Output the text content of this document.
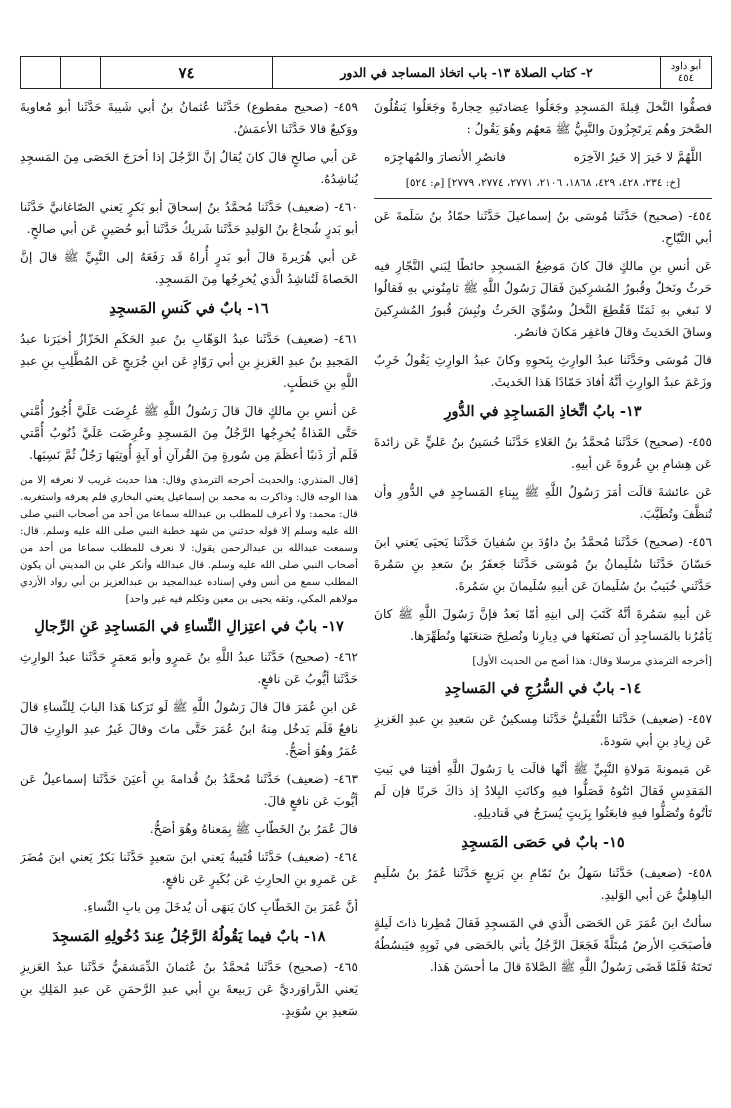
٧٤	٢- كتاب الصلاة ١٣- باب اتخاذ المساجد في الدور	أبو داود
٤٥٤

فصفُّوا النَّخلَ قِبلةَ المَسجِدِ وجَعَلُوا عِضادتَيهِ حِجارةً وجَعَلُوا يَنقُلُونَ الصَّخرَ وهُم يَرتَجِزُونَ والنَّبِيُّ ﷺ مَعهُم وهُوَ يَقُولُ :

اللَّهُمَّ لا خَيرَ إلا خَيرُ الآخِرَه
فانصُرِ الأنصارَ والمُهاجِرَه

[خ: ٢٣٤، ٤٢٨، ٤٢٩، ١٨٦٨، ٢١٠٦، ٢٧٧١، ٢٧٧٤، ٢٧٧٩] [م: ٥٢٤]

٤٥٤- (صحيح) حَدَّثَنا مُوسَى بنُ إسماعيلَ حَدَّثَنا حمّادُ بنُ سَلَمةَ عَن أبي التَّيّاحِ.

عَن أنسِ بنِ مالكٍ قالَ كانَ مَوضِعُ المَسجِدِ حائطًا لِبَني النَّجّارِ فيه حَرثٌ ونَخلٌ وقُبورُ المُشرِكينَ فَقالَ رَسُولُ اللَّهِ ﷺ ثامِنُوني بهِ فَقالُوا لا نَبغي بهِ ثَمَنًا فَقُطِعَ النَّخلُ وسُوِّيَ الحَرثُ ونُبِشَ قُبورُ المُشرِكينَ وساقَ الحَديثَ وقالَ فاغفِر مَكانَ فانصُر.

قالَ مُوسَى وحَدَّثَنا عبدُ الوارِثِ بِنَحوِهِ وكانَ عبدُ الوارِثِ يَقُولُ خَرِبٌ وزَعَمَ عبدُ الوارِثِ أنَّهُ أفادَ حَمّادًا هَذا الحَديثَ.

١٣- بابُ اتِّخاذِ المَساجِدِ في الدُّورِ

٤٥٥- (صحيح) حَدَّثَنا مُحمَّدُ بنُ العَلاءِ حَدَّثَنا حُسَينُ بنُ عَليٍّ عَن زائدةَ عَن هِشامِ بنِ عُروةَ عَن أبيهِ.

عَن عائشةَ قالَت أمَرَ رَسُولُ اللَّهِ ﷺ بِبِناءِ المَساجِدِ في الدُّورِ وأن تُنظَّفَ وتُطَيَّبَ.

٤٥٦- (صحيح) حَدَّثَنا مُحمَّدُ بنُ داوُدَ بنِ سُفيانَ حَدَّثَنا يَحيَى يَعني ابنَ حَسّانَ حَدَّثَنا سُلَيمانُ بنُ مُوسَى حَدَّثَنا جَعفَرُ بنُ سَعدِ بنِ سَمُرةَ حَدَّثَني خُبَيبُ بنُ سُلَيمانَ عَن أبيهِ سُلَيمانَ بنِ سَمُرةَ.

عَن أبيهِ سَمُرةَ أنَّهُ كَتَبَ إلى ابنِهِ أمّا بَعدُ فإنَّ رَسُولَ اللَّهِ ﷺ كانَ يَأمُرُنا بالمَساجِدِ أن نَصنَعَها في دِيارِنا ونُصلِحَ صَنعَتَها ونُطَهِّرَها.

[أخرجه الترمذي مرسلا وقال: هذا أصح من الحديث الأول]

١٤- بابٌ في السُّرُجِ في المَساجِدِ

٤٥٧- (ضعيف) حَدَّثَنا النُّفَيليُّ حَدَّثَنا مِسكينٌ عَن سَعيدِ بنِ عبدِ العَزيزِ عَن زِيادِ بنِ أبي سَودةَ.

عَن مَيمونةَ مَولاةِ النَّبِيِّ ﷺ أنَّها قالَت يا رَسُولَ اللَّهِ أفتِنا في بَيتِ المَقدِسِ فَقالَ ائتُوهُ فَصَلُّوا فيهِ وكانَتِ البِلادُ إذ ذاكَ حَربًا فإن لَم تَأتُوهُ وتُصَلُّوا فيهِ فابعَثُوا بِزَيتٍ يُسرَجُ في قَناديلِهِ.

١٥- بابٌ في حَصَى المَسجِدِ

٤٥٨- (ضعيف) حَدَّثَنا سَهلُ بنُ تَمّامِ بنِ بَزيعٍ حَدَّثَنا عُمَرُ بنُ سُلَيمٍ الباهِليُّ عَن أبي الوَليدِ.

سألتُ ابنَ عُمَرَ عَن الحَصَى الَّذي في المَسجِدِ فَقالَ مُطِرنا ذاتَ لَيلةٍ فأصبَحَتِ الأرضُ مُبتَلَّةً فَجَعَلَ الرَّجُلُ يأتي بالحَصَى في ثَوبِهِ فيَبسُطُهُ تَحتَهُ فَلَمّا قَضَى رَسُولُ اللَّهِ ﷺ الصَّلاةَ قالَ ما أحسَنَ هَذا.

٤٥٩- (صحيح مقطوع) حَدَّثَنا عُثمانُ بنُ أبي شَيبةَ حَدَّثَنا أبو مُعاويةَ ووَكيعٌ قالا حَدَّثَنا الأعمَشُ.

عَن أبي صالحٍ قالَ كانَ يُقالُ إنَّ الرَّجُلَ إذا أخرَجَ الحَصَى مِنَ المَسجِدِ يُناشِدُهُ.

٤٦٠- (ضعيف) حَدَّثَنا مُحمَّدُ بنُ إسحاقَ أبو بَكرٍ يَعني الصّاغانيَّ حَدَّثَنا أبو بَدرٍ شُجاعُ بنُ الوَليدِ حَدَّثَنا شَريكٌ حَدَّثَنا أبو حُصَينٍ عَن أبي صالحٍ.

عَن أبي هُرَيرةَ قالَ أبو بَدرٍ أُراهُ قَد رَفَعَهُ إلى النَّبِيِّ ﷺ قالَ إنَّ الحَصاةَ لَتُناشِدُ الَّذي يُخرِجُها مِنَ المَسجِدِ.

١٦- بابٌ في كَنسِ المَسجِدِ

٤٦١- (ضعيف) حَدَّثَنا عبدُ الوَهّابِ بنُ عبدِ الحَكَمِ الخَزّازُ أخبَرَنا عبدُ المَجيدِ بنُ عبدِ العَزيزِ بنِ أبي رَوّادٍ عَن ابنِ جُرَيجٍ عَن المُطَّلِبِ بنِ عبدِ اللَّهِ بنِ حَنطَبٍ.

عَن أنسِ بنِ مالكٍ قالَ قالَ رَسُولُ اللَّهِ ﷺ عُرِضَت عَلَيَّ أُجُورُ أُمَّتي حَتَّى القَذاةُ يُخرِجُها الرَّجُلُ مِنَ المَسجِدِ وعُرِضَت عَلَيَّ ذُنُوبُ أُمَّتي فَلَم أرَ ذَنبًا أعظَمَ مِن سُورةٍ مِنَ القُرآنِ أو آيةٍ أُوتِيَها رَجُلٌ ثُمَّ نَسِيَها.

[قال المنذري: والحديث أخرجه الترمذي وقال: هذا حديث غريب لا نعرفه إلا من هذا الوجه قال: وذاكرت به محمد بن إسماعيل يعني البخاري فلم يعرفه واستغربه. قال: محمد: ولا أعرف للمطلب بن عبدالله سماعا من أحد من أصحاب النبي صلى الله عليه وسلم إلا قوله حدثني من شهد خطبة النبي صلى الله عليه وسلم. قال: وسمعت عبدالله بن عبدالرحمن يقول: لا نعرف للمطلب سماعا من أحد من أصحاب النبي صلى الله عليه وسلم. قال عبدالله وأنكر علي بن المديني أن يكون المطلب سمع من أنس وفي إسناده عبدالمجيد بن عبدالعزيز بن أبي رواد الأزدي مولاهم المكي، وثقه يحيى بن معين وتكلم فيه غير واحد]

١٧- بابٌ في اعتِزالِ النِّساءِ في المَساجِدِ عَنِ الرِّجالِ

٤٦٢- (صحيح) حَدَّثَنا عبدُ اللَّهِ بنُ عَمرٍو وأبو مَعمَرٍ حَدَّثَنا عبدُ الوارِثِ حَدَّثَنا أيُّوبُ عَن نافعٍ.

عَن ابنِ عُمَرَ قالَ قالَ رَسُولُ اللَّهِ ﷺ لَو تَرَكنا هَذا البابَ لِلنِّساءِ قالَ نافعٌ فَلَم يَدخُل مِنهُ ابنُ عُمَرَ حَتَّى ماتَ وقالَ غَيرُ عبدِ الوارِثِ قالَ عُمَرُ وهُوَ أصَحُّ.

٤٦٣- (ضعيف) حَدَّثَنا مُحمَّدُ بنُ قُدامةَ بنِ أعيَنَ حَدَّثَنا إسماعيلُ عَن أيُّوبَ عَن نافعٍ قالَ.

قالَ عُمَرُ بنُ الخَطّابِ ﷺ بِمَعناهُ وهُوَ أصَحُّ.

٤٦٤- (ضعيف) حَدَّثَنا قُتَيبةُ يَعني ابنَ سَعيدٍ حَدَّثَنا بَكرٌ يَعني ابنَ مُضَرَ عَن عَمرِو بنِ الحارِثِ عَن بُكَيرٍ عَن نافعٍ.

أنَّ عُمَرَ بنَ الخَطّابِ كانَ يَنهَى أن يُدخَلَ مِن بابِ النِّساءِ.

١٨- بابٌ فيما يَقُولُهُ الرَّجُلُ عِندَ دُخُولِهِ المَسجِدَ

٤٦٥- (صحيح) حَدَّثَنا مُحمَّدُ بنُ عُثمانَ الدِّمَشقيُّ حَدَّثَنا عبدُ العَزيزِ يَعني الدَّراوَرديَّ عَن رَبيعةَ بنِ أبي عبدِ الرَّحمَنِ عَن عبدِ المَلِكِ بنِ سَعيدِ بنِ سُوَيدٍ.
